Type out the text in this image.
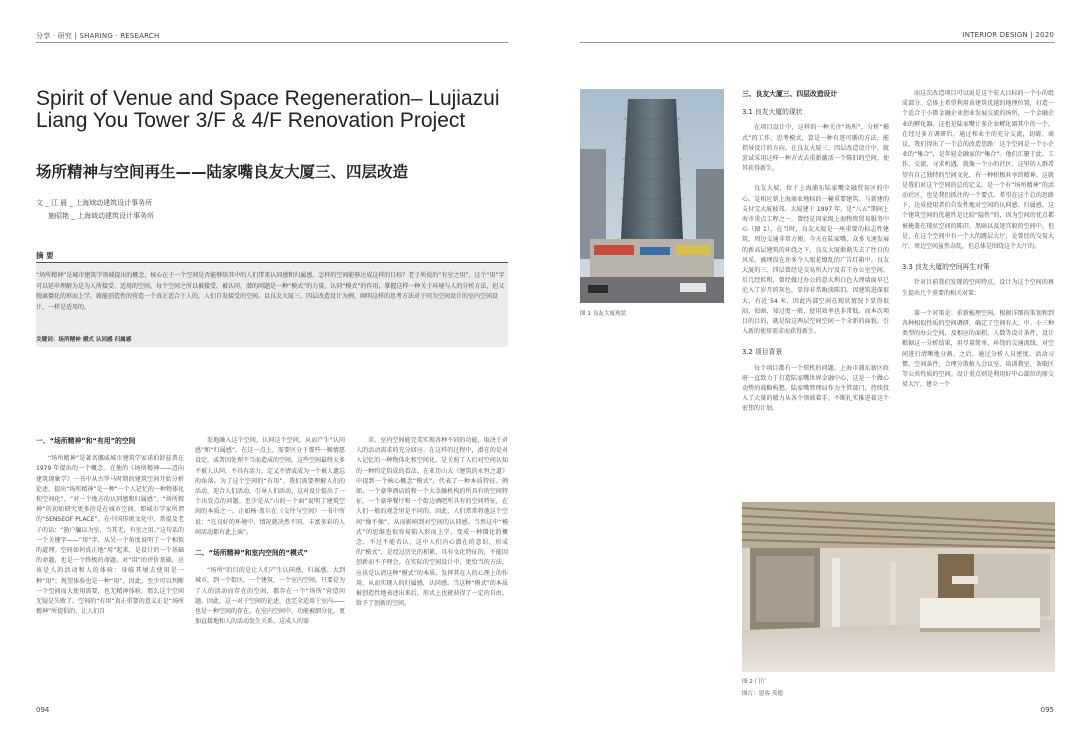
分享 · 研究 | SHARING · RESEARCH	INTERIOR DESIGN | 2020
Spirit of Venue and Space Regeneration– Lujiazui Liang You Tower 3/F & 4/F Renovation Project
场所精神与空间再生——陆家嘴良友大厦三、四层改造
文 _ 江 晨 _ 上海域动建筑设计事务所
施昭艳 _ 上海域动建筑设计事务所
摘 要
“场所精神”是城市建筑学领域提出的概念，核心在于一个空间是否能够给其中的人们带来认同感和归属感。怎样的空间能够达成这样的目标？老子所说的“有室之用”，这个“用”字可以延申理解为是为人所接受、适用的空间。每个空间之所以被接受，被认同，潜的问题是一种“模式”的力量。认同“模式”的作用，掌握这样一种关于环境与人的分析方法，但又脱离僵化的形而上学，就能创造性的营造一个真正适合于人的，人们自发接受的空间。以良友大厦三、四层改造设计为例，阐明这样的思考方法对于同为空间设计的室内空间设计，一样是适用的。
关键词：场所精神 模式 认同感 归属感
一、“场所精神”和“有用”的空间

“场所精神”是著名挪威城市建筑学家诺伯舒兹普在 1979 年提出的一个概念。在他的《场所精神——迈向建筑现象学》一书中从古罗马时期的建筑空间开始分析论述，提出“场所精神”是一种“一个人记忆的一种物体化和空间化”，“对一个地方的认同感和归属感”。“场所精神”的初始研究更多的是在城市空间，即城市学家所谓的“SENSEOF PLACE”。在中国传统文化中，常提及老子的话：“凿户牖以为室，当其无，有室之用。”这句话的一个关键字——“用”字，从另一个角度说明了一个相似的道理。空间如何真正地“用”起来，是设计的一个基础的命题，也是一个终极的命题。对“用”的评价基础，应该是人的活动和人的体验：身临其境去使用是一种“用”；观望体验也是一种“用”。因此，至少可以判断一个空间而大使用需要，也无精神体验，那么这个空间无疑是失败了。空间的“有用”真正重要的意义正是“场所精神”所提倡的，让人们自

发地融入这个空间，认同这个空间，从而产生“认同感”和“归属感”。在这一点上，需要区分于那些一厢情愿设定，或者因处理不当而造成的空间。这些空间最终大多不被人认同，不具有活力，定义不清或成为一个被人遗忘的角落。为了这个空间的“有用”，我们需要理解人们的活动，迎合人们活动，引导人们活动。这对设计提出了一个出发点的问题。至少是从“山的一个面”说明了建筑空间的本质之一。正如杨·盖尔在《交往与空间》一书中所说：“在良好的环境中，情况就决然不同。丰富多彩的人间活动都有此上演”。

二、“场所精神”和室内空间的“模式”

“场所”的目的是让人们产生认同感，归属感。大到城市，到一个街区，一个建筑，一个室内空间。只要是为了人的活动而存在的空间，都存在一个“场所”营造问题。因此，这一对于空间的论述，也完全适用于室内——也是一种空间的存在。在室内空间中，功能被细分化，更加直接地和人的活动发生关系，这成人的需

求。室内空间能完美实现各种不同的功能，取决于对人的活动需求的充分回应。在这样的过程中，潜在的是对人记忆的一种物体化和空间化，是关照了人们对空间认知的一种约定俗成的看法。在亚历山大《建筑的永恒之道》中提到一个核心概念“模式”，代表了一种本质特征。例如，一个豪华酒店的和一个大金融机构的所具有的空间特征，一个豪华餐厅和一个街边酒吧所具有的空间特征，在人们一般的观念里是不同的。因此，人们常常将他这个空间“像不像”，从而影响到对空间的认同感。当然这中“模式”的思维也很容易陷入形而上学，变成一种僵化的概念。不过不能否认，这中人们内心潜在的意识，形成的“模式”，是经过历史的积累，具有文化特征的，不能因创新而不予理会。在实际的空间设计中，更恰当的方法，应该是认清这种“模式”的本质，发挥其在人的心理上的作用，从而实现人的归属感，认同感。当这种“模式”的本质被创造性地表述出来后，形式上也就获得了一定的自由，给予了创新的空间。

图 1 良友大厦现状
三、良友大厦三、四层改造设计
3.1 良友大厦的现状

在项目设计中，这样的一种关注“场所”，分析“模式”的工作，思考模式，算是一种有迹可循的方法，能指导设计的方向。在良友大厦三、四层改造设计中，就尝试采用这样一种方式去重新激活一个陈旧的空间，使其获得新生。

良友大厦，位于上海浦东陆家嘴金融贸易区的中心。是相应新上海商业地标的一幢重要建筑。与新建的支付宝大厦彼邻。大厦建于 1997 年，是“八五”期间上海市重点工程之一。曾经是国家级上海物资贸易服务中心（图 1）。在当时，良友大厦是一座重要的标志性建筑，周边交通非常方便。今天在陆家嘴，众多飞速发展的新高层建筑的环绕之下，良友大厦渐渐失去了往日的风采，被埋没在许多令人眼花缭乱的广告灯箱中。良友大厦的三、四层曾经是交易所大厅及若干办公室空间，后几经转租，曾经做过办公的意大利白色大理墙面早已沦入了岁月的灰色，显得非常晦淡陈旧。因建筑进深很大，有近 54 米，因此内部空间在现状情况下显得很闷，很暗，知过度一般，使用效率也非常低。而本次项目的目的，就是给这两层空间空间一个全新的面貌，引入新的使用需求而获得新生。

3.2 项目背景

每个项目都有一个契机的问题。上海市浦东新区政府一直致力于打造陆家嘴世界金融中心，这是一个做心动势的战略构想。陆家嘴管理局作为主管部门，持续投入了大量的精力从各个领域着手，不断扎实推进着这个宏伟的计划。

而这次改造项目可以说是这个宏大目标的一个小的组成部分。总体上希望利用该建筑优越的地理位置，打造一个适合于小微金融企业创业发展交流的场所，一个金融企业的孵化器。这也是陆家嘴计多企业孵化器其中的一个。在经过多方调研后，通过和业主的充分交流，切磋、商议，我们得出了一个总的改造思路：这个空间是一个小企业的“集合”，是年轻金融家的“集合”。他们汇聚于此，工作、交流、寻求机遇，就像一个小的社区。这里的人群希望有自己独特的空间文化，有一种积极共享的精神。这就是我们对这个空间的总的定义，是一个有“场所精神”的活动社区，也是我们抓住的一个要点。希望在这个总的思路下，达成使用者们自发性地对空间的认同感、归属感。这个建筑空间的优越性是比较“隐性”的，因为空间的优点都被掩盖在现状空间的陈旧、黑暗以及迷宫般的空间中。但是，在这个空间中有一个大的跳层大厅，是曾经的交易大厅，周边空间虽然杂乱，但总体是围绕这个大厅的。

3.3 良友大厦的空间再生对策

针对目前我们发现的空间特点，设计为这个空间的再生提出几个重要的相关对策：

第一个对策是：重新梳理空间。根据详细的策划和到各种相似性质的空间调研，确定了空间有大、中、小三种类型的办公空间，及相应的面积、人数等设计条件。设计根据这一分析结果，用尽量简单，环绕的交通流线，对空间进行清晰地分割。之后，通过分析人员密度，活动习惯，空间条件，合理分散植入会议室、培训教室、茶歇区等公共性质的空间。设计重点则是利用好中心部位的原交易大厅，建立一个

图 2 门厅
图片：恩客 英德
094	095
